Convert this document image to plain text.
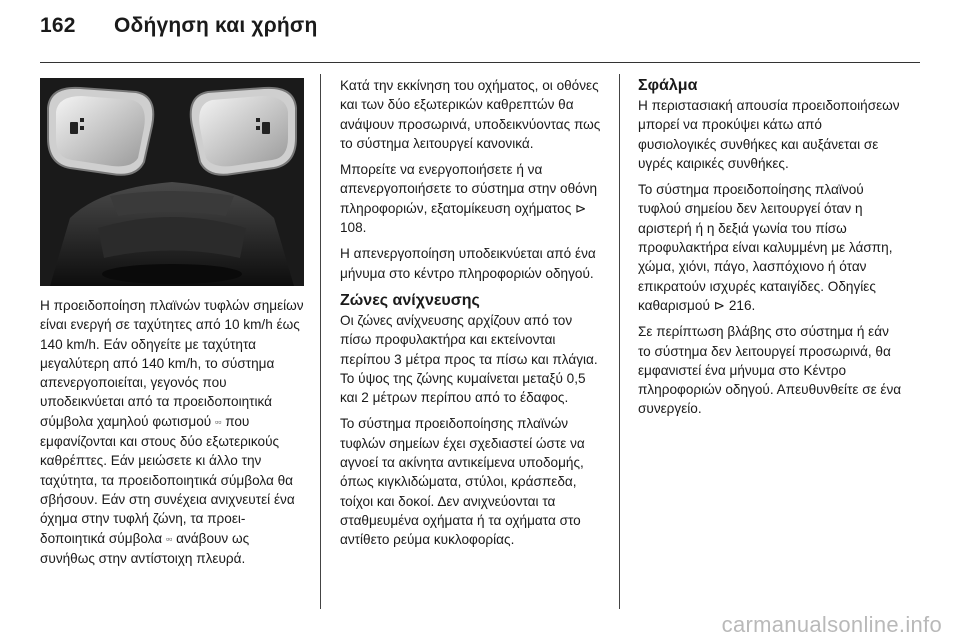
162 Οδήγηση και χρήση

Η προειδοποίηση πλαϊνών τυφλών σημείων είναι ενεργή σε ταχύτητες από 10 km/h έως 140 km/h. Εάν οδηγείτε με ταχύτητα μεγαλύτερη από 140 km/h, το σύστημα απενεργοποιείται, γεγονός που υποδεικνύεται από τα προειδοποιητικά σύμβολα χαμηλού φωτισμού ▫▫ που εμφανίζονται και στους δύο εξωτερικούς καθρέπτες. Εάν μειώσετε κι άλλο την ταχύτητα, τα προειδοποιητικά σύμβολα θα σβήσουν. Εάν στη συνέχεια ανιχνευτεί ένα όχημα στην τυφλή ζώνη, τα προειδοποιητικά σύμβολα ▫▫ ανάβουν ως συνήθως στην αντίστοιχη πλευρά.

Κατά την εκκίνηση του οχήματος, οι οθόνες και των δύο εξωτερικών καθρεπτών θα ανάψουν προσωρινά, υποδεικνύοντας πως το σύστημα λειτουργεί κανονικά.

Μπορείτε να ενεργοποιήσετε ή να απενεργοποιήσετε το σύστημα στην οθόνη πληροφοριών, εξατομίκευση οχήματος ⊳ 108.

Η απενεργοποίηση υποδεικνύεται από ένα μήνυμα στο κέντρο πληροφοριών οδηγού.

Ζώνες ανίχνευσης

Οι ζώνες ανίχνευσης αρχίζουν από τον πίσω προφυλακτήρα και εκτείνονται περίπου 3 μέτρα προς τα πίσω και πλάγια. Το ύψος της ζώνης κυμαίνεται μεταξύ 0,5 και 2 μέτρων περίπου από το έδαφος.

Το σύστημα προειδοποίησης πλαϊνών τυφλών σημείων έχει σχεδιαστεί ώστε να αγνοεί τα ακίνητα αντικείμενα υποδομής, όπως κιγκλιδώματα, στύλοι, κράσπεδα, τοίχοι και δοκοί. Δεν ανιχνεύονται τα σταθμευμένα οχήματα ή τα οχήματα στο αντίθετο ρεύμα κυκλοφορίας.

Σφάλμα

Η περιστασιακή απουσία προειδοποιήσεων μπορεί να προκύψει κάτω από φυσιολογικές συνθήκες και αυξάνεται σε υγρές καιρικές συνθήκες.

Το σύστημα προειδοποίησης πλαϊνού τυφλού σημείου δεν λειτουργεί όταν η αριστερή ή η δεξιά γωνία του πίσω προφυλακτήρα είναι καλυμμένη με λάσπη, χώμα, χιόνι, πάγο, λασπόχιονο ή όταν επικρατούν ισχυρές καταιγίδες. Οδηγίες καθαρισμού ⊳ 216.

Σε περίπτωση βλάβης στο σύστημα ή εάν το σύστημα δεν λειτουργεί προσωρινά, θα εμφανιστεί ένα μήνυμα στο Κέντρο πληροφοριών οδηγού. Απευθυνθείτε σε ένα συνεργείο.

carmanualsonline.info
